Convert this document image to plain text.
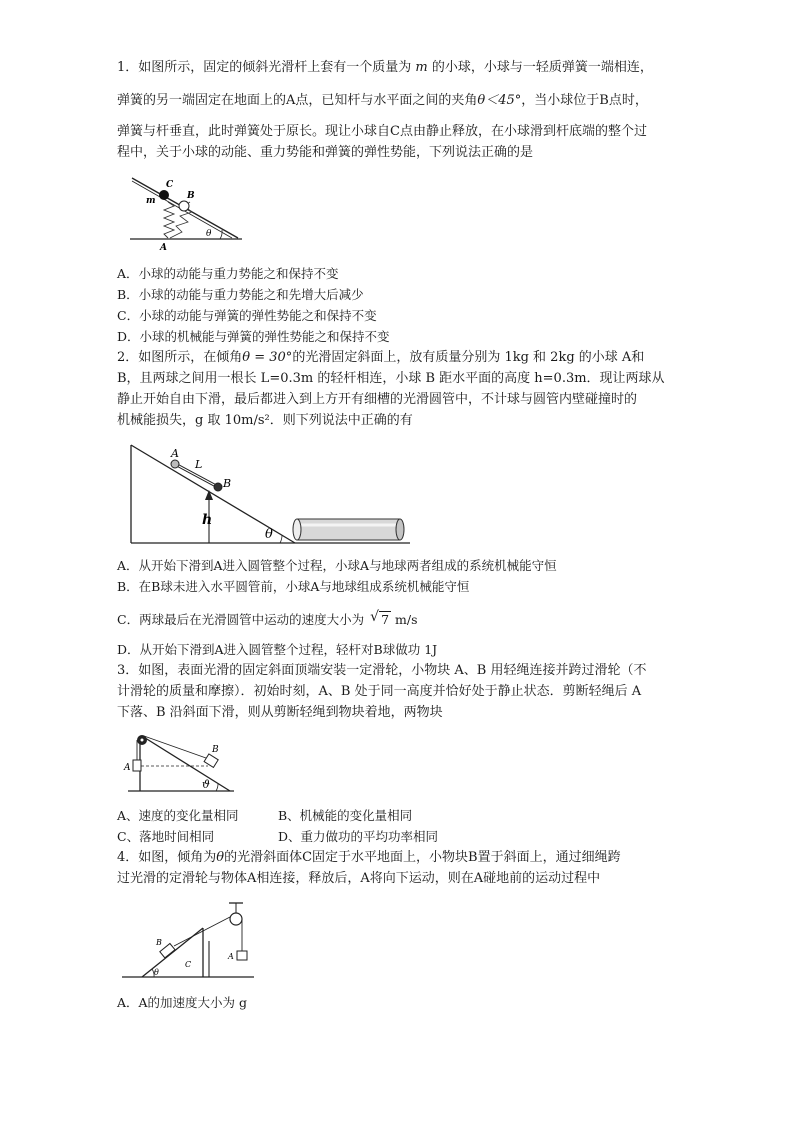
1．如图所示，固定的倾斜光滑杆上套有一个质量为 m 的小球，小球与一轻质弹簧一端相连，
弹簧的另一端固定在地面上的A点，已知杆与水平面之间的夹角θ＜45°，当小球位于B点时，
弹簧与杆垂直，此时弹簧处于原长。现让小球自C点由静止释放，在小球滑到杆底端的整个过
程中，关于小球的动能、重力势能和弹簧的弹性势能，下列说法正确的是
C
B
m
A
θ
A．小球的动能与重力势能之和保持不变
B．小球的动能与重力势能之和先增大后减少
C．小球的动能与弹簧的弹性势能之和保持不变
D．小球的机械能与弹簧的弹性势能之和保持不变
2．如图所示，在倾角θ = 30°的光滑固定斜面上，放有质量分别为 1kg 和 2kg 的小球 A和
B，且两球之间用一根长 L=0.3m 的轻杆相连，小球 B 距水平面的高度 h=0.3m．现让两球从
静止开始自由下滑，最后都进入到上方开有细槽的光滑圆管中，不计球与圆管内壁碰撞时的
机械能损失，g 取 10m/s²．则下列说法中正确的有
A
L
B
h
θ
A．从开始下滑到A进入圆管整个过程，小球A与地球两者组成的系统机械能守恒
B．在B球未进入水平圆管前，小球A与地球组成系统机械能守恒
C．两球最后在光滑圆管中运动的速度大小为 √ 7 m/s
D．从开始下滑到A进入圆管整个过程，轻杆对B球做功 1J
3．如图，表面光滑的固定斜面顶端安装一定滑轮，小物块 A、B 用轻绳连接并跨过滑轮（不
计滑轮的质量和摩擦）．初始时刻，A、B 处于同一高度并恰好处于静止状态．剪断轻绳后 A
下落、B 沿斜面下滑，则从剪断轻绳到物块着地，两物块
A
B
ϑ
A、速度的变化量相同	B、机械能的变化量相同
C、落地时间相同	D、重力做功的平均功率相同
4．如图，倾角为θ的光滑斜面体C固定于水平地面上，小物块B置于斜面上，通过细绳跨
过光滑的定滑轮与物体A相连接，释放后，A将向下运动，则在A碰地前的运动过程中
B
C
A
θ
A．A的加速度大小为 g
